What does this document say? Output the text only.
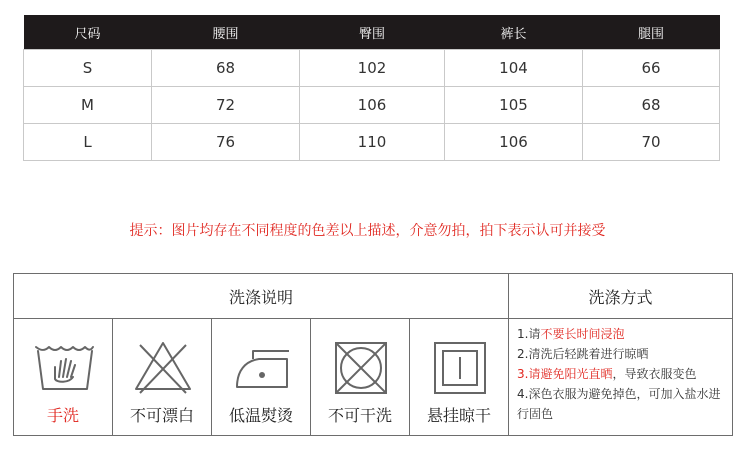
尺码	腰围	臀围	裤长	腿围
S	68	102	104	66
M	72	106	105	68
L	76	110	106	70
提示：图片均存在不同程度的色差以上描述，介意勿拍，拍下表示认可并接受
洗涤说明	洗涤方式
手洗	不可漂白	低温熨烫	不可干洗	悬挂晾干
1.请不要长时间浸泡
2.清洗后轻跳着进行晾晒
3.请避免阳光直晒，导致衣服变色
4.深色衣服为避免掉色，可加入盐水进行固色
